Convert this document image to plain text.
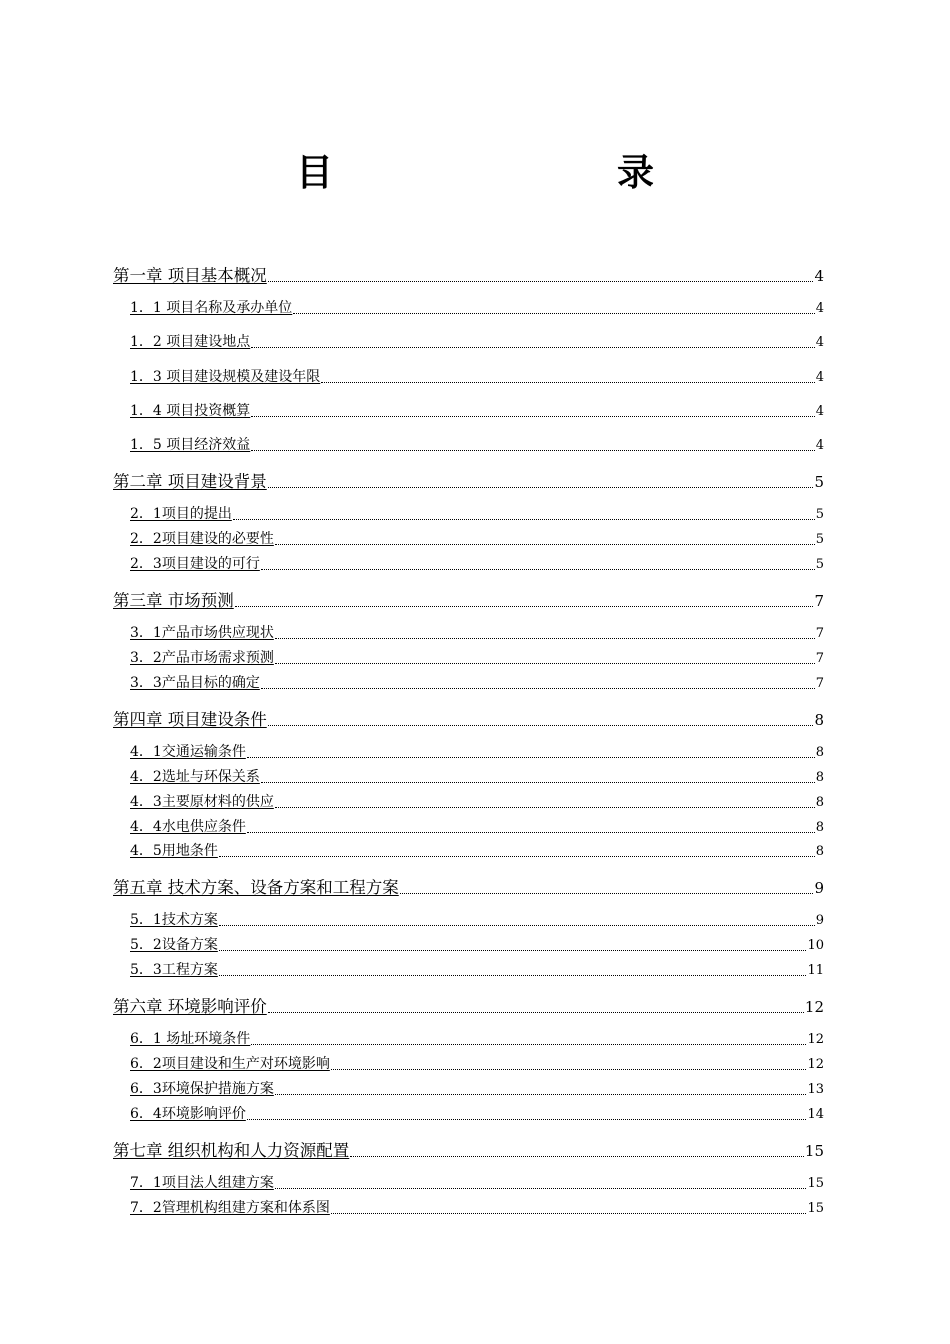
目　　录
第一章 项目基本概况	4
1．1 项目名称及承办单位	4
1．2 项目建设地点	4
1．3 项目建设规模及建设年限	4
1．4 项目投资概算	4
1．5 项目经济效益	4
第二章 项目建设背景	5
2．1项目的提出	5
2．2项目建设的必要性	5
2．3项目建设的可行	5
第三章 市场预测	7
3．1产品市场供应现状	7
3．2产品市场需求预测	7
3．3产品目标的确定	7
第四章 项目建设条件	8
4．1交通运输条件	8
4．2选址与环保关系	8
4．3主要原材料的供应	8
4．4水电供应条件	8
4．5用地条件	8
第五章 技术方案、设备方案和工程方案	9
5．1技术方案	9
5．2设备方案	10
5．3工程方案	11
第六章 环境影响评价	12
6．1 场址环境条件	12
6．2项目建设和生产对环境影响	12
6．3环境保护措施方案	13
6．4环境影响评价	14
第七章 组织机构和人力资源配置	15
7．1项目法人组建方案	15
7．2管理机构组建方案和体系图	15
